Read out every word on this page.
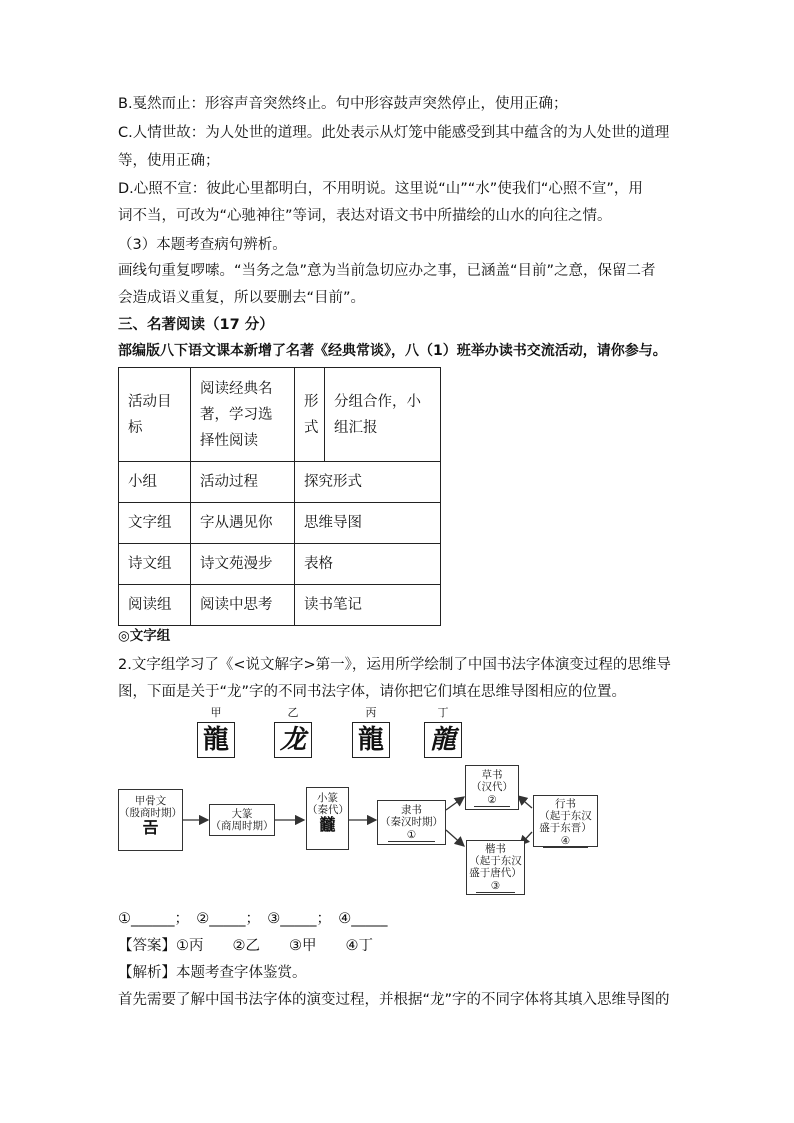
B.戛然而止：形容声音突然终止。句中形容鼓声突然停止，使用正确；
C.人情世故：为人处世的道理。此处表示从灯笼中能感受到其中蕴含的为人处世的道理
等，使用正确；
D.心照不宣：彼此心里都明白，不用明说。这里说“山”“水”使我们“心照不宣”，用
词不当，可改为“心驰神往”等词，表达对语文书中所描绘的山水的向往之情。
（3）本题考查病句辨析。
画线句重复啰嗦。“当务之急”意为当前急切应办之事，已涵盖“目前”之意，保留二者
会造成语义重复，所以要删去“目前”。
三、名著阅读（17 分）
部编版八下语文课本新增了名著《经典常谈》，八（1）班举办读书交流活动，请你参与。
活动目标	阅读经典名著，学习选择性阅读	形式	分组合作，小组汇报

小组	活动过程	探究形式	
文字组	字从遇见你	思维导图	
诗文组	诗文苑漫步	表格	
阅读组	阅读中思考	读书笔记	
◎文字组
2.文字组学习了《<说文解字>第一》，运用所学绘制了中国书法字体演变过程的思维导
图，下面是关于“龙”字的不同书法字体，请你把它们填在思维导图相应的位置。
甲
龍
乙
龙
丙
龍
丁
龍
甲骨文
（殷商时期）
𢀛
大篆
（商周时期）
小篆
（秦代）
龖
隶书
（秦汉时期）
①
草书
（汉代）
②
楷书
（起于东汉
盛于唐代）
③
行书
（起于东汉
盛于东晋）
④
①______；　②_____；　③_____；　④_____
【答案】①丙　　②乙　　③甲　　④丁
【解析】本题考查字体鉴赏。
首先需要了解中国书法字体的演变过程，并根据“龙”字的不同字体将其填入思维导图的
